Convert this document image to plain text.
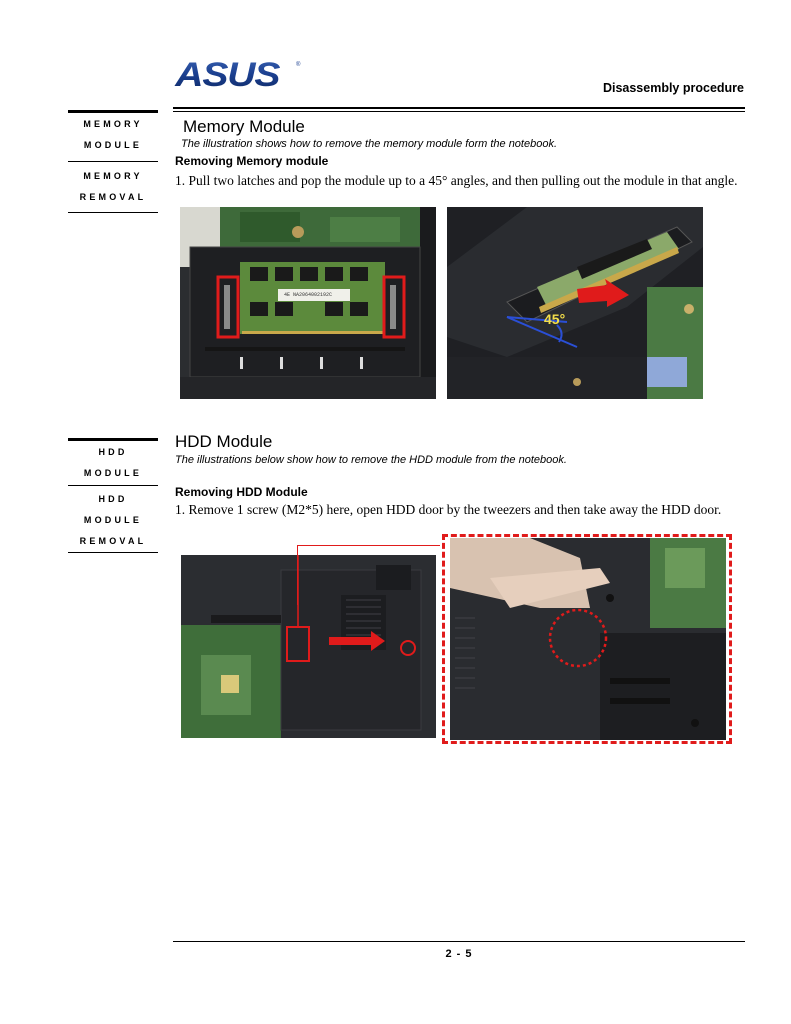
ASUS	®
Disassembly procedure
MEMORY
MODULE
MEMORY
REMOVAL
Memory Module
The illustration shows how to remove the memory module form the notebook.
Removing Memory module
1. Pull two latches and pop the module up to a 45° angles, and then pulling out the module in that angle.
4E NA2064002192C
45°
HDD
MODULE
HDD
MODULE
REMOVAL
HDD Module
The illustrations below show how to remove the HDD module from the notebook.
Removing HDD Module
1. Remove 1 screw (M2*5) here, open HDD door by the tweezers and then take away the HDD door.
2 - 5
